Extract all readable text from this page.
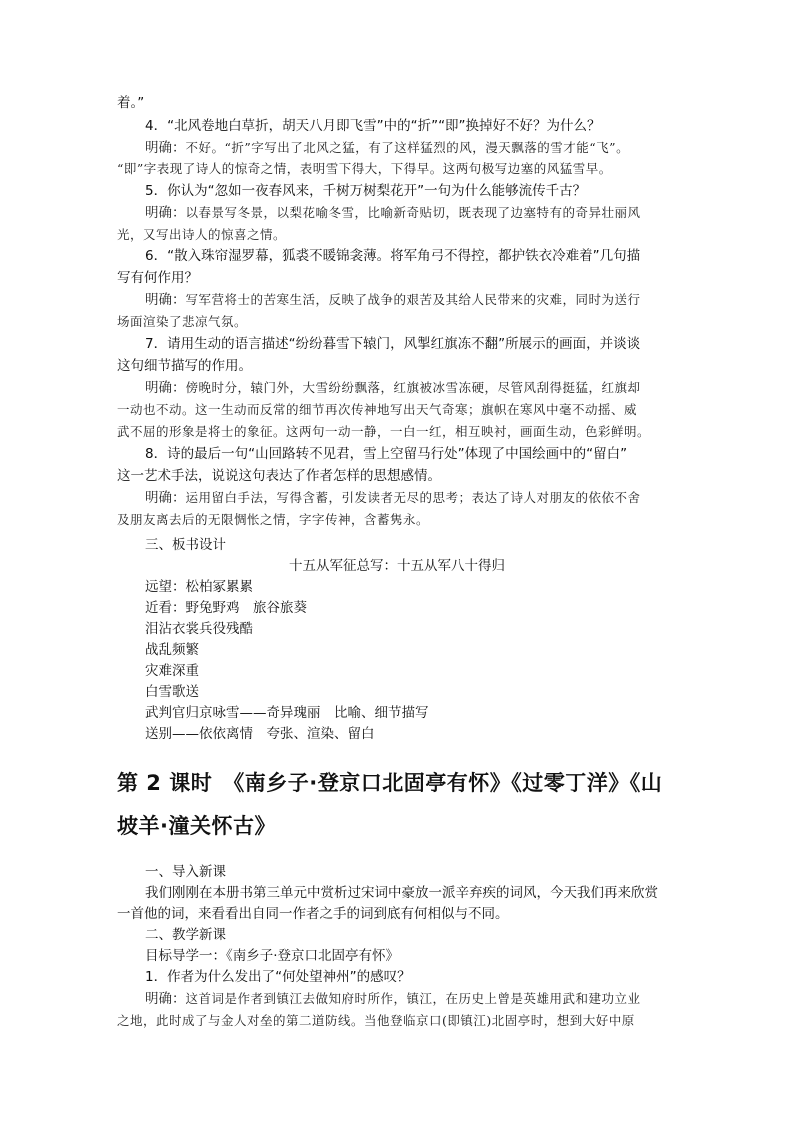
着。”
4．“北风卷地白草折，胡天八月即飞雪”中的“折”“即”换掉好不好？为什么？
明确：不好。“折”字写出了北风之猛，有了这样猛烈的风，漫天飘落的雪才能“飞”。
“即”字表现了诗人的惊奇之情，表明雪下得大，下得早。这两句极写边塞的风猛雪早。
5．你认为“忽如一夜春风来，千树万树梨花开”一句为什么能够流传千古？
明确：以春景写冬景，以梨花喻冬雪，比喻新奇贴切，既表现了边塞特有的奇异壮丽风
光，又写出诗人的惊喜之情。
6．“散入珠帘湿罗幕，狐裘不暖锦衾薄。将军角弓不得控，都护铁衣冷难着”几句描
写有何作用？
明确：写军营将士的苦寒生活，反映了战争的艰苦及其给人民带来的灾难，同时为送行
场面渲染了悲凉气氛。
7．请用生动的语言描述“纷纷暮雪下辕门，风掣红旗冻不翻”所展示的画面，并谈谈
这句细节描写的作用。
明确：傍晚时分，辕门外，大雪纷纷飘落，红旗被冰雪冻硬，尽管风刮得挺猛，红旗却
一动也不动。这一生动而反常的细节再次传神地写出天气奇寒；旗帜在寒风中毫不动摇、威
武不屈的形象是将士的象征。这两句一动一静，一白一红，相互映衬，画面生动，色彩鲜明。
8．诗的最后一句“山回路转不见君，雪上空留马行处”体现了中国绘画中的“留白”
这一艺术手法，说说这句表达了作者怎样的思想感情。
明确：运用留白手法，写得含蓄，引发读者无尽的思考；表达了诗人对朋友的依依不舍
及朋友离去后的无限惆怅之情，字字传神，含蓄隽永。
三、板书设计
十五从军征总写：十五从军八十得归
远望：松柏冢累累
近看：野兔野鸡　旅谷旅葵
泪沾衣裳兵役残酷
战乱频繁
灾难深重
白雪歌送
武判官归京咏雪——奇异瑰丽　比喻、细节描写
送别——依依离情　夸张、渲染、留白
第 2 课时　《南乡子·登京口北固亭有怀》《过零丁洋》《山
坡羊·潼关怀古》
一、导入新课
我们刚刚在本册书第三单元中赏析过宋词中豪放一派辛弃疾的词风，今天我们再来欣赏
一首他的词，来看看出自同一作者之手的词到底有何相似与不同。
二、教学新课
目标导学一：《南乡子·登京口北固亭有怀》
1．作者为什么发出了“何处望神州”的感叹？
明确：这首词是作者到镇江去做知府时所作，镇江，在历史上曾是英雄用武和建功立业
之地，此时成了与金人对垒的第二道防线。当他登临京口(即镇江)北固亭时，想到大好中原
